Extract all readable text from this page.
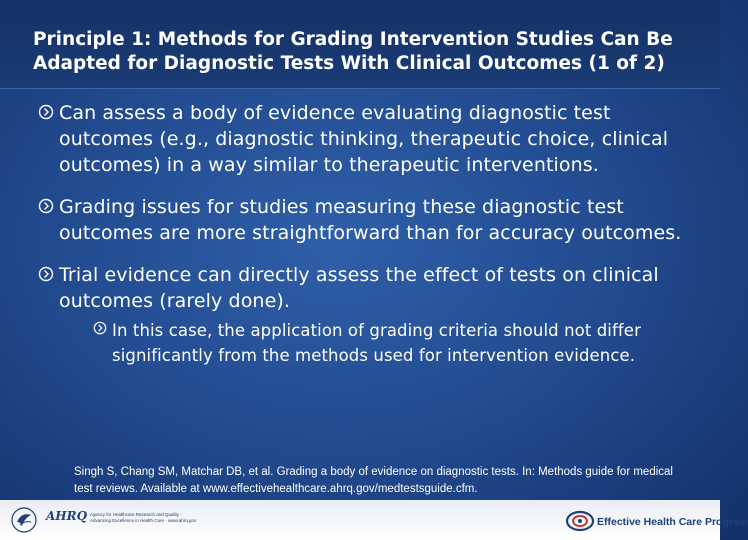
Principle 1: Methods for Grading Intervention Studies Can Be
Adapted for Diagnostic Tests With Clinical Outcomes (1 of 2)
Can assess a body of evidence evaluating diagnostic test outcomes (e.g., diagnostic thinking, therapeutic choice, clinical outcomes) in a way similar to therapeutic interventions.
Grading issues for studies measuring these diagnostic test outcomes are more straightforward than for accuracy outcomes.
Trial evidence can directly assess the effect of tests on clinical outcomes (rarely done).
In this case, the application of grading criteria should not differ significantly from the methods used for intervention evidence.
Singh S, Chang SM, Matchar DB, et al. Grading a body of evidence on diagnostic tests. In: Methods guide for medical test reviews. Available at www.effectivehealthcare.ahrq.gov/medtestsguide.cfm.
AHRQ Agency for Healthcare Research and Quality · Advancing Excellence in Health Care · www.ahrq.gov	Effective Health Care Program
